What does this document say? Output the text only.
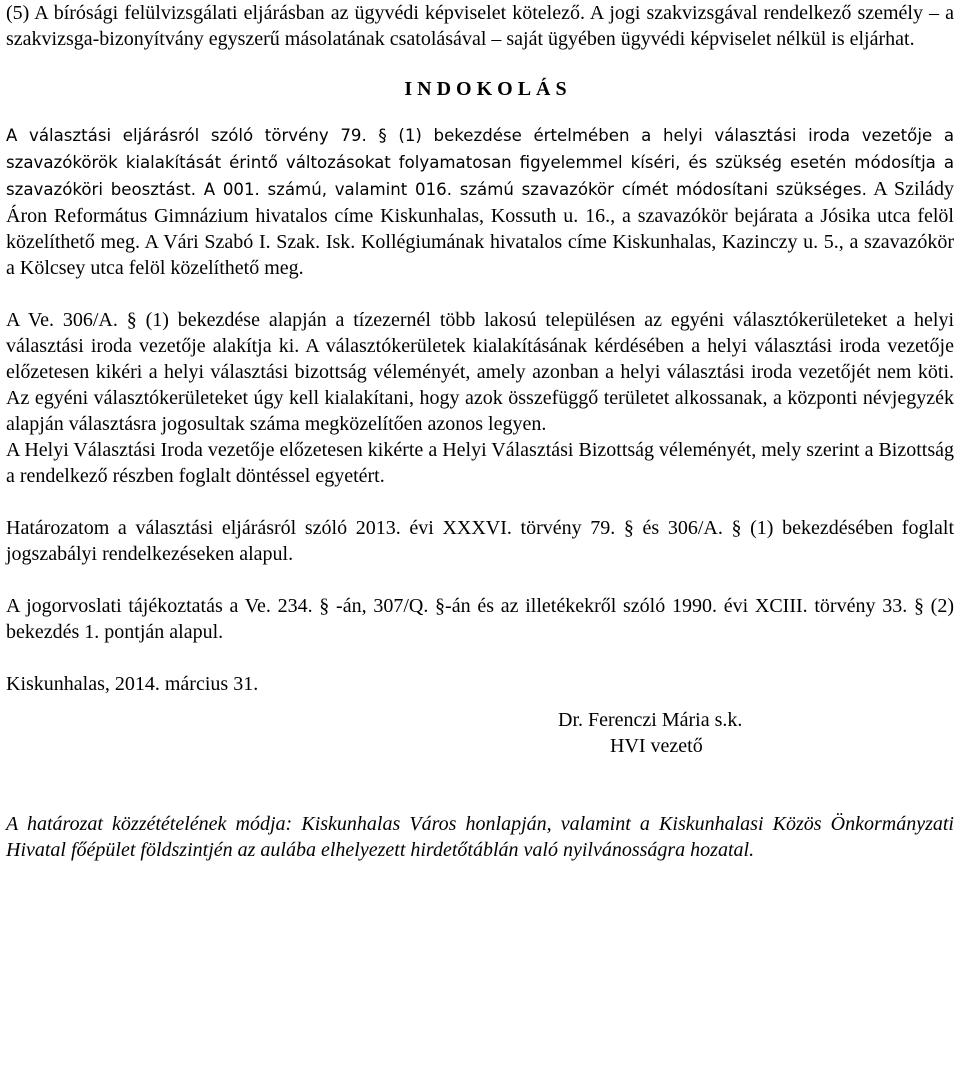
(5) A bírósági felülvizsgálati eljárásban az ügyvédi képviselet kötelező. A jogi szakvizsgával rendelkező személy – a szakvizsga-bizonyítvány egyszerű másolatának csatolásával – saját ügyében ügyvédi képviselet nélkül is eljárhat.

INDOKOLÁS

A választási eljárásról szóló törvény 79. § (1) bekezdése értelmében a helyi választási iroda vezetője a szavazókörök kialakítását érintő változásokat folyamatosan figyelemmel kíséri, és szükség esetén módosítja a szavazóköri beosztást. A 001. számú, valamint 016. számú szavazókör címét módosítani szükséges. A Szilády Áron Református Gimnázium hivatalos címe Kiskunhalas, Kossuth u. 16., a szavazókör bejárata a Jósika utca felöl közelíthető meg. A Vári Szabó I. Szak. Isk. Kollégiumának hivatalos címe Kiskunhalas, Kazinczy u. 5., a szavazókör a Kölcsey utca felöl közelíthető meg.

A Ve. 306/A. § (1) bekezdése alapján a tízezernél több lakosú településen az egyéni választókerületeket a helyi választási iroda vezetője alakítja ki. A választókerületek kialakításának kérdésében a helyi választási iroda vezetője előzetesen kikéri a helyi választási bizottság véleményét, amely azonban a helyi választási iroda vezetőjét nem köti. Az egyéni választókerületeket úgy kell kialakítani, hogy azok összefüggő területet alkossanak, a központi névjegyzék alapján választásra jogosultak száma megközelítően azonos legyen.

A Helyi Választási Iroda vezetője előzetesen kikérte a Helyi Választási Bizottság véleményét, mely szerint a Bizottság a rendelkező részben foglalt döntéssel egyetért.

Határozatom a választási eljárásról szóló 2013. évi XXXVI. törvény 79. § és 306/A. § (1) bekezdésében foglalt jogszabályi rendelkezéseken alapul.

A jogorvoslati tájékoztatás a Ve. 234. § -án, 307/Q. §-án és az illetékekről szóló 1990. évi XCIII. törvény 33. § (2) bekezdés 1. pontján alapul.

Kiskunhalas, 2014. március 31.

Dr. Ferenczi Mária s.k.
HVI vezető

A határozat közzétételének módja: Kiskunhalas Város honlapján, valamint a Kiskunhalasi Közös Önkormányzati Hivatal főépület földszintjén az aulába elhelyezett hirdetőtáblán való nyilvánosságra hozatal.
